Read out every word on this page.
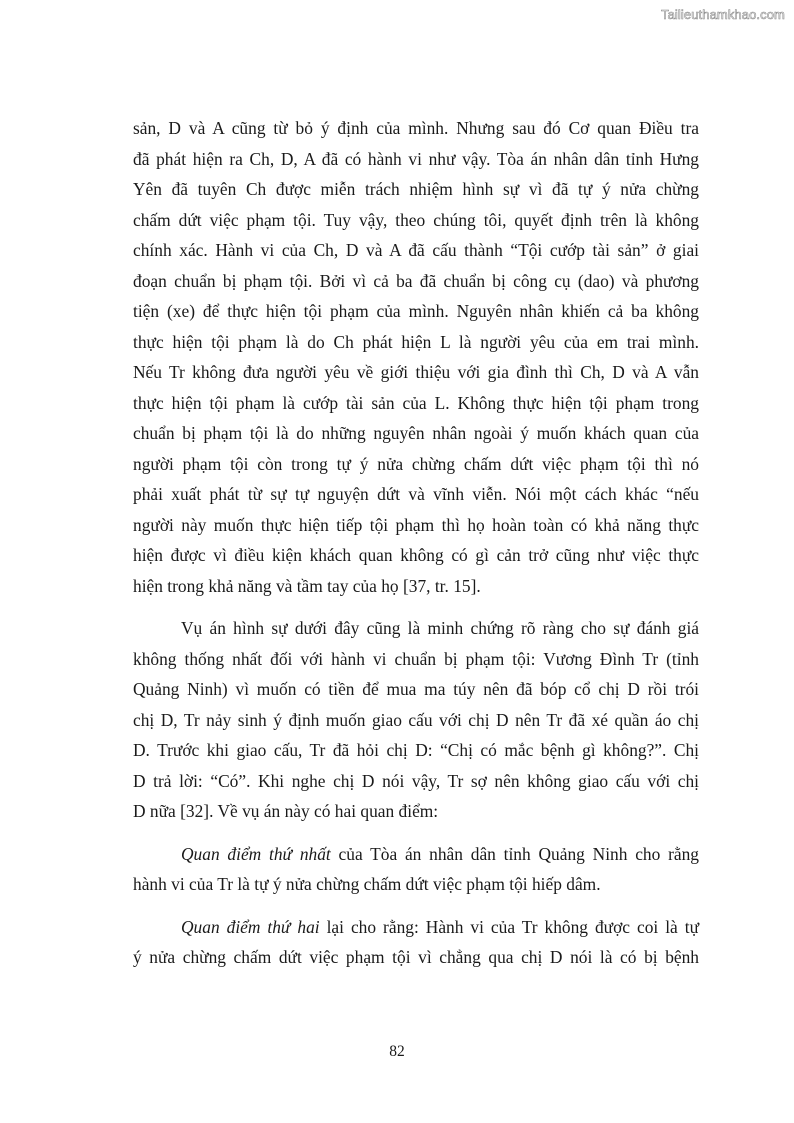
Tailieuthamkhao.com
sản, D và A cũng từ bỏ ý định của mình. Nhưng sau đó Cơ quan Điều tra
đã phát hiện ra Ch, D, A đã có hành vi như vậy. Tòa án nhân dân tỉnh Hưng
Yên đã tuyên Ch được miễn trách nhiệm hình sự vì đã tự ý nửa chừng
chấm dứt việc phạm tội. Tuy vậy, theo chúng tôi, quyết định trên là không
chính xác. Hành vi của Ch, D và A đã cấu thành “Tội cướp tài sản” ở giai
đoạn chuẩn bị phạm tội. Bởi vì cả ba đã chuẩn bị công cụ (dao) và phương
tiện (xe) để thực hiện tội phạm của mình. Nguyên nhân khiến cả ba không
thực hiện tội phạm là do Ch phát hiện L là người yêu của em trai mình.
Nếu Tr không đưa người yêu về giới thiệu với gia đình thì Ch, D và A vẫn
thực hiện tội phạm là cướp tài sản của L. Không thực hiện tội phạm trong
chuẩn bị phạm tội là do những nguyên nhân ngoài ý muốn khách quan của
người phạm tội còn trong tự ý nửa chừng chấm dứt việc phạm tội thì nó
phải xuất phát từ sự tự nguyện dứt và vĩnh viễn. Nói một cách khác “nếu
người này muốn thực hiện tiếp tội phạm thì họ hoàn toàn có khả năng thực
hiện được vì điều kiện khách quan không có gì cản trở cũng như việc thực
hiện trong khả năng và tầm tay của họ [37, tr. 15].
Vụ án hình sự dưới đây cũng là minh chứng rõ ràng cho sự đánh giá
không thống nhất đối với hành vi chuẩn bị phạm tội: Vương Đình Tr (tỉnh
Quảng Ninh) vì muốn có tiền để mua ma túy nên đã bóp cổ chị D rồi trói
chị D, Tr nảy sinh ý định muốn giao cấu với chị D nên Tr đã xé quần áo chị
D. Trước khi giao cấu, Tr đã hỏi chị D: “Chị có mắc bệnh gì không?”. Chị
D trả lời: “Có”. Khi nghe chị D nói vậy, Tr sợ nên không giao cấu với chị
D nữa [32]. Về vụ án này có hai quan điểm:
Quan điểm thứ nhất của Tòa án nhân dân tỉnh Quảng Ninh cho rằng
hành vi của Tr là tự ý nửa chừng chấm dứt việc phạm tội hiếp dâm.
Quan điểm thứ hai lại cho rằng: Hành vi của Tr không được coi là tự
ý nửa chừng chấm dứt việc phạm tội vì chẳng qua chị D nói là có bị bệnh
82
